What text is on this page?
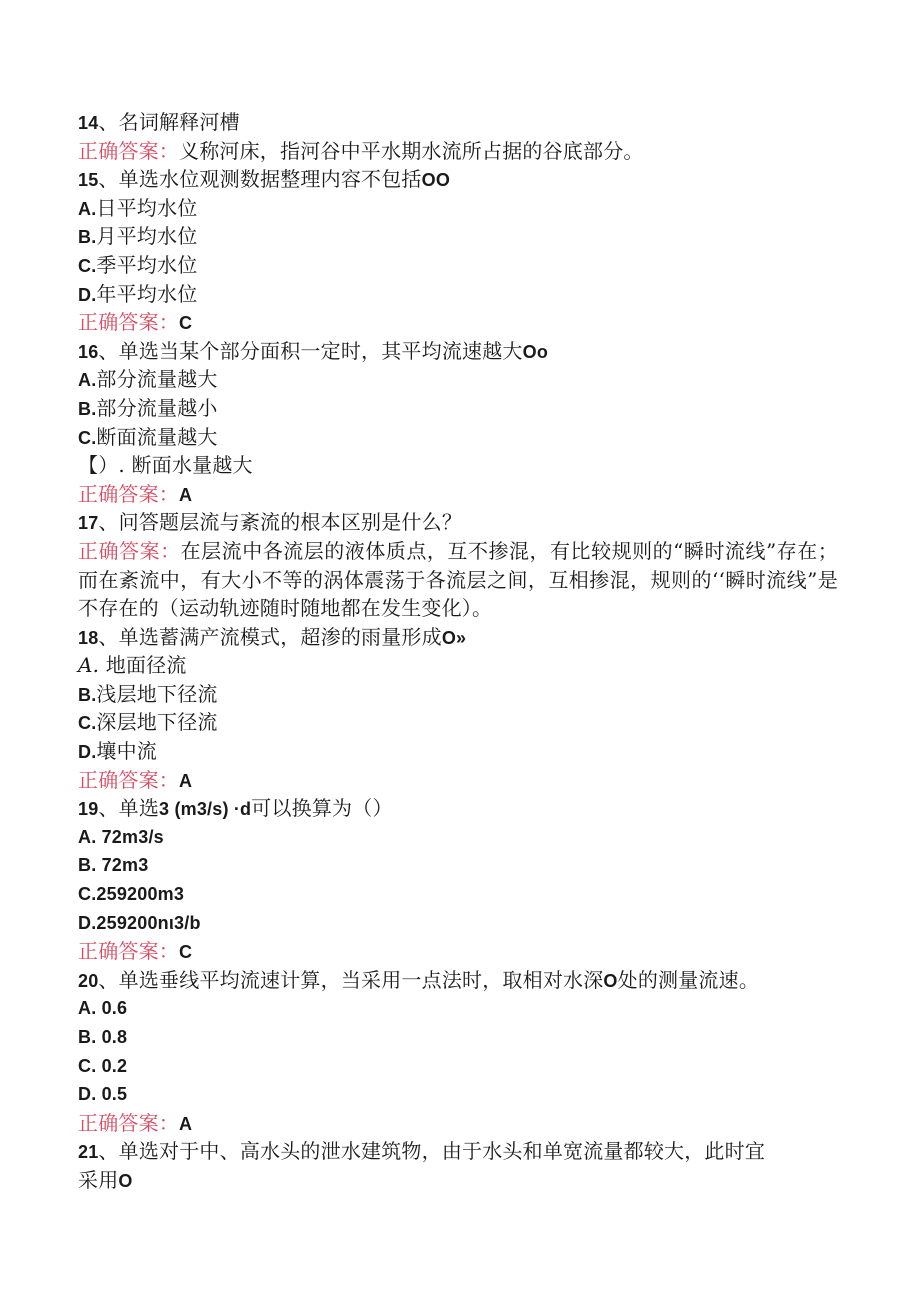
14、名词解释河槽
正确答案：义称河床，指河谷中平水期水流所占据的谷底部分。
15、单选水位观测数据整理内容不包括OO
A.日平均水位
B.月平均水位
C.季平均水位
D.年平均水位
正确答案：C
16、单选当某个部分面积一定时，其平均流速越大Oo
A.部分流量越大
B.部分流量越小
C.断面流量越大
【）. 断面水量越大
正确答案：A
17、问答题层流与紊流的根本区别是什么？
正确答案：在层流中各流层的液体质点，互不掺混，有比较规则的“瞬时流线”存在；而在紊流中，有大小不等的涡体震荡于各流层之间，互相掺混，规则的‘‘瞬时流线”是不存在的（运动轨迹随时随地都在发生变化）。
18、单选蓄满产流模式，超渗的雨量形成O»
A. 地面径流
B.浅层地下径流
C.深层地下径流
D.壤中流
正确答案：A
19、单选3 (m3/s) ·d可以换算为（）
A. 72m3/s
B. 72m3
C.259200m3
D.259200nι3/b
正确答案：C
20、单选垂线平均流速计算，当采用一点法时，取相对水深O处的测量流速。
A. 0.6
B. 0.8
C. 0.2
D. 0.5
正确答案：A
21、单选对于中、高水头的泄水建筑物，由于水头和单宽流量都较大，此时宜
采用O
